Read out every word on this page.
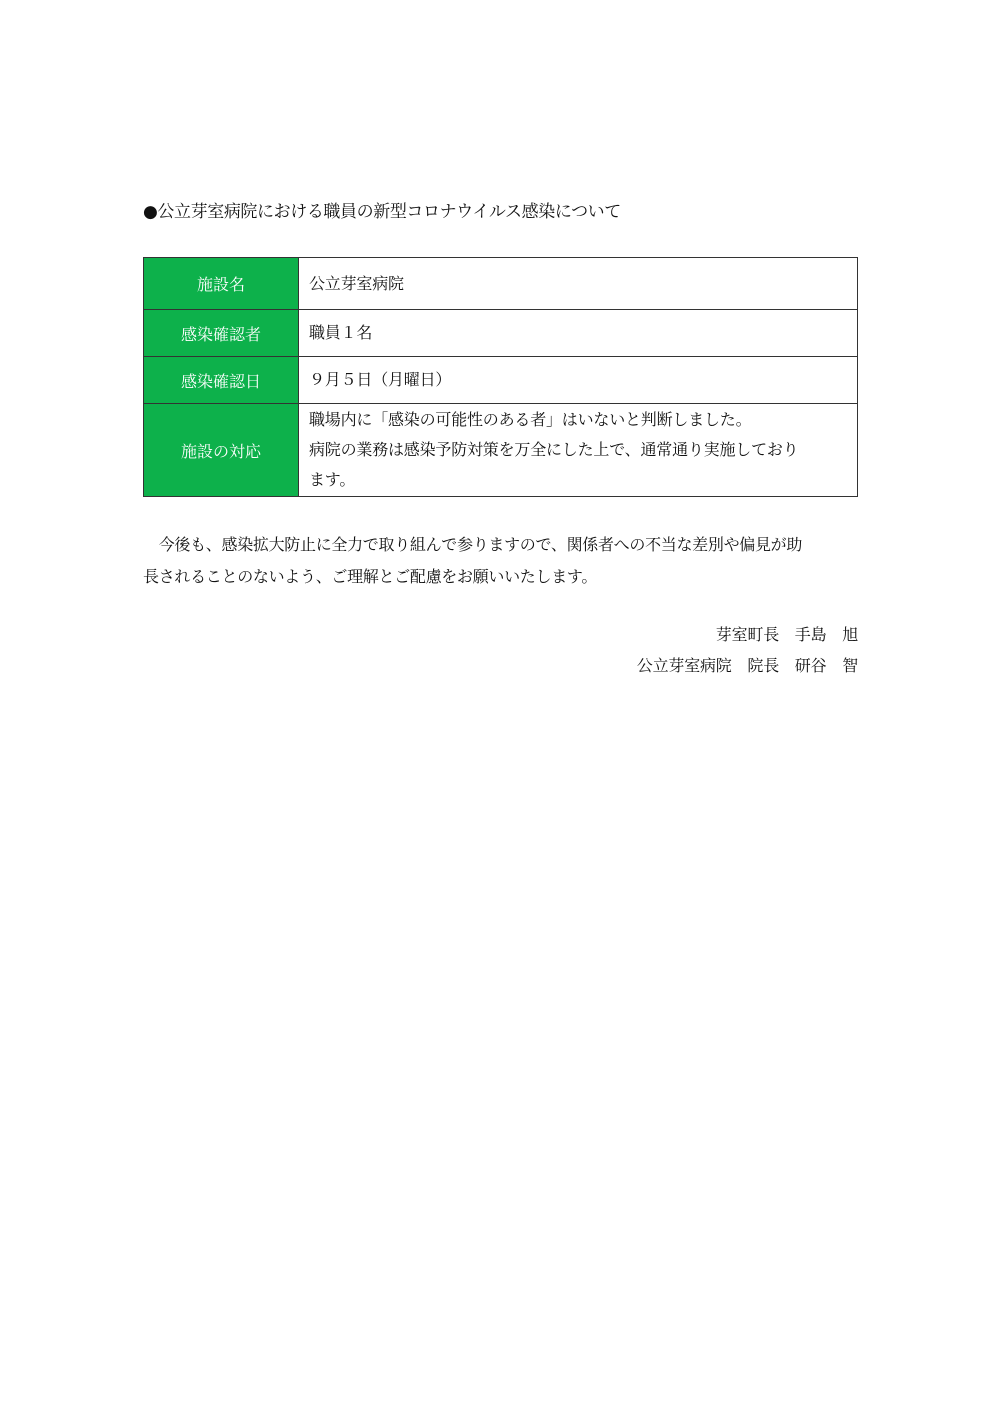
●公立芽室病院における職員の新型コロナウイルス感染について
施設名	公立芽室病院

感染確認者	職員１名

感染確認日	９月５日（月曜日）

施設の対応	職場内に「感染の可能性のある者」はいないと判断しました。
病院の業務は感染予防対策を万全にした上で、通常通り実施しており
ます。
　今後も、感染拡大防止に全力で取り組んで参りますので、関係者への不当な差別や偏見が助
長されることのないよう、ご理解とご配慮をお願いいたします。
芽室町長　手島　旭
公立芽室病院　院長　研谷　智
